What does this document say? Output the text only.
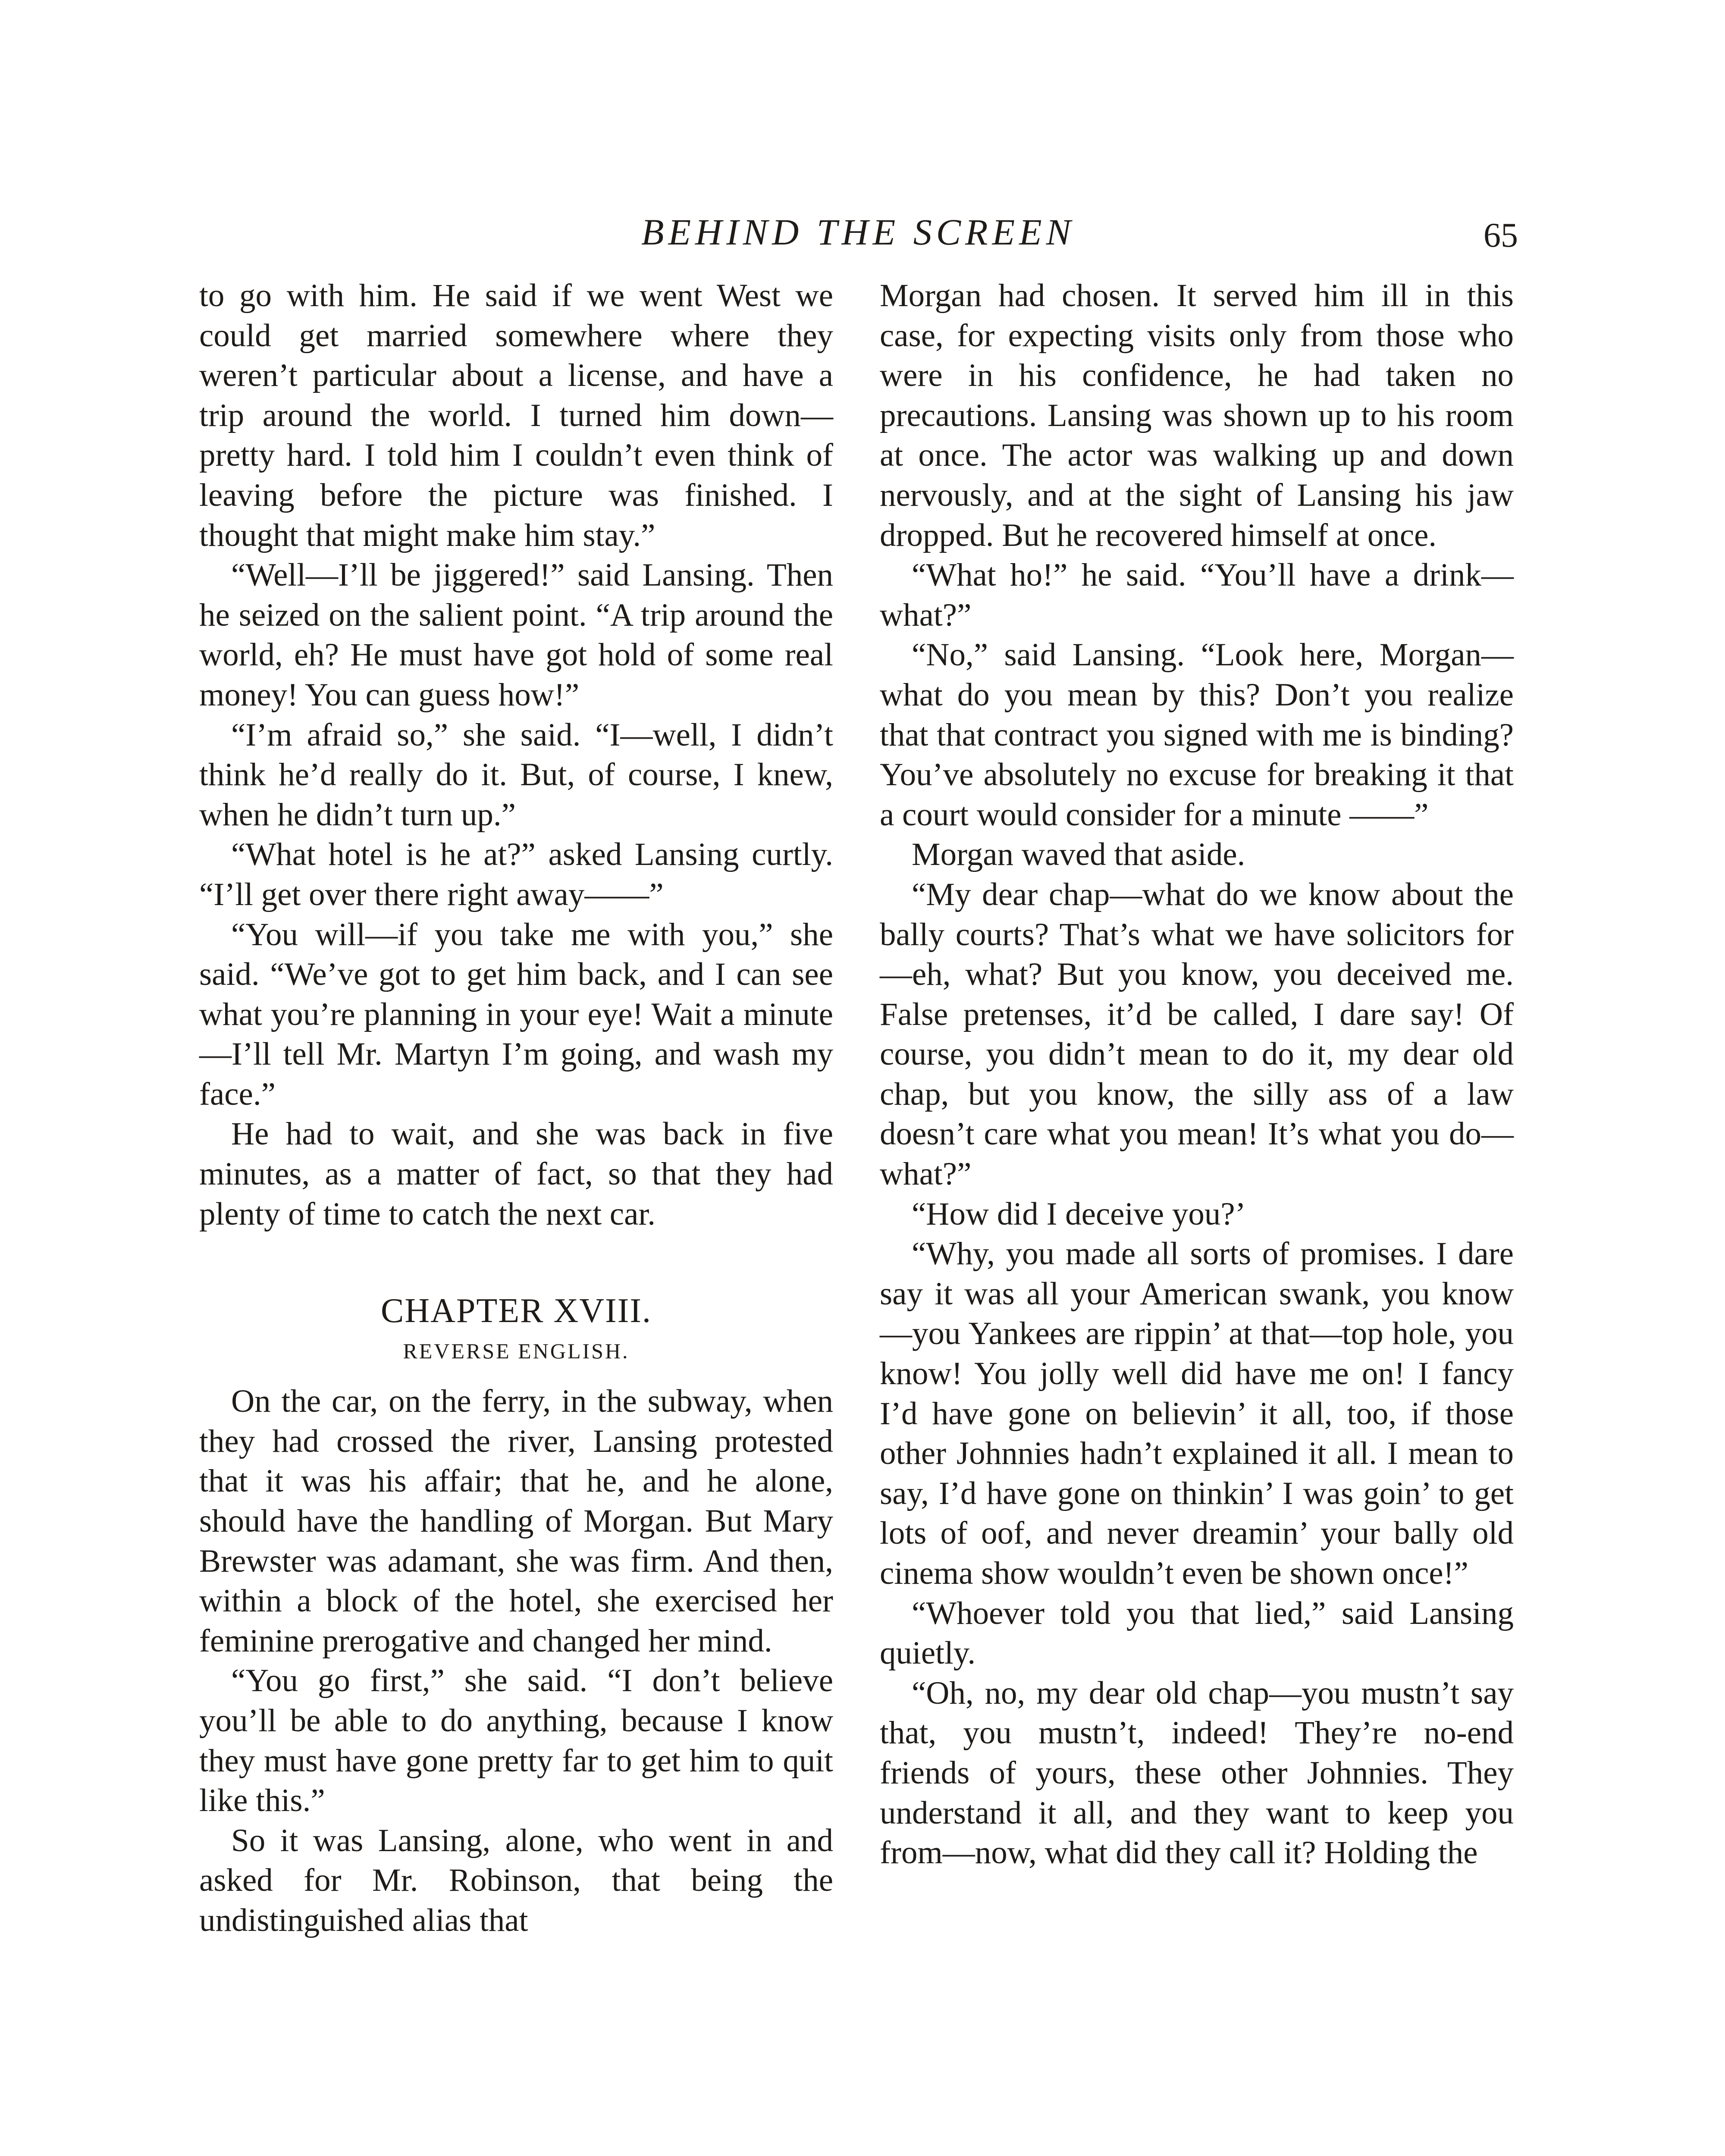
BEHIND THE SCREEN	65

to go with him. He said if we went West we could get married somewhere where they weren’t particular about a license, and have a trip around the world. I turned him down—pretty hard. I told him I couldn’t even think of leaving before the picture was finished. I thought that might make him stay.”

“Well—I’ll be jiggered!” said Lansing. Then he seized on the salient point. “A trip around the world, eh? He must have got hold of some real money! You can guess how!”

“I’m afraid so,” she said. “I—well, I didn’t think he’d really do it. But, of course, I knew, when he didn’t turn up.”

“What hotel is he at?” asked Lansing curtly. “I’ll get over there right away——”

“You will—if you take me with you,” she said. “We’ve got to get him back, and I can see what you’re planning in your eye! Wait a minute—I’ll tell Mr. Martyn I’m going, and wash my face.”

He had to wait, and she was back in five minutes, as a matter of fact, so that they had plenty of time to catch the next car.

CHAPTER XVIII.
REVERSE ENGLISH.

On the car, on the ferry, in the subway, when they had crossed the river, Lansing protested that it was his affair; that he, and he alone, should have the handling of Morgan. But Mary Brewster was adamant, she was firm. And then, within a block of the hotel, she exercised her feminine prerogative and changed her mind.

“You go first,” she said. “I don’t believe you’ll be able to do anything, because I know they must have gone pretty far to get him to quit like this.”

So it was Lansing, alone, who went in and asked for Mr. Robinson, that being the undistinguished alias that

Morgan had chosen. It served him ill in this case, for expecting visits only from those who were in his confidence, he had taken no precautions. Lansing was shown up to his room at once. The actor was walking up and down nervously, and at the sight of Lansing his jaw dropped. But he recovered himself at once.

“What ho!” he said. “You’ll have a drink—what?”

“No,” said Lansing. “Look here, Morgan—what do you mean by this? Don’t you realize that that contract you signed with me is binding? You’ve absolutely no excuse for breaking it that a court would consider for a minute ——”

Morgan waved that aside.

“My dear chap—what do we know about the bally courts? That’s what we have solicitors for—eh, what? But you know, you deceived me. False pretenses, it’d be called, I dare say! Of course, you didn’t mean to do it, my dear old chap, but you know, the silly ass of a law doesn’t care what you mean! It’s what you do—what?”

“How did I deceive you?’

“Why, you made all sorts of promises. I dare say it was all your American swank, you know—you Yankees are rippin’ at that—top hole, you know! You jolly well did have me on! I fancy I’d have gone on believin’ it all, too, if those other Johnnies hadn’t explained it all. I mean to say, I’d have gone on thinkin’ I was goin’ to get lots of oof, and never dreamin’ your bally old cinema show wouldn’t even be shown once!”

“Whoever told you that lied,” said Lansing quietly.

“Oh, no, my dear old chap—you mustn’t say that, you mustn’t, indeed! They’re no-end friends of yours, these other Johnnies. They understand it all, and they want to keep you from—now, what did they call it? Holding the
